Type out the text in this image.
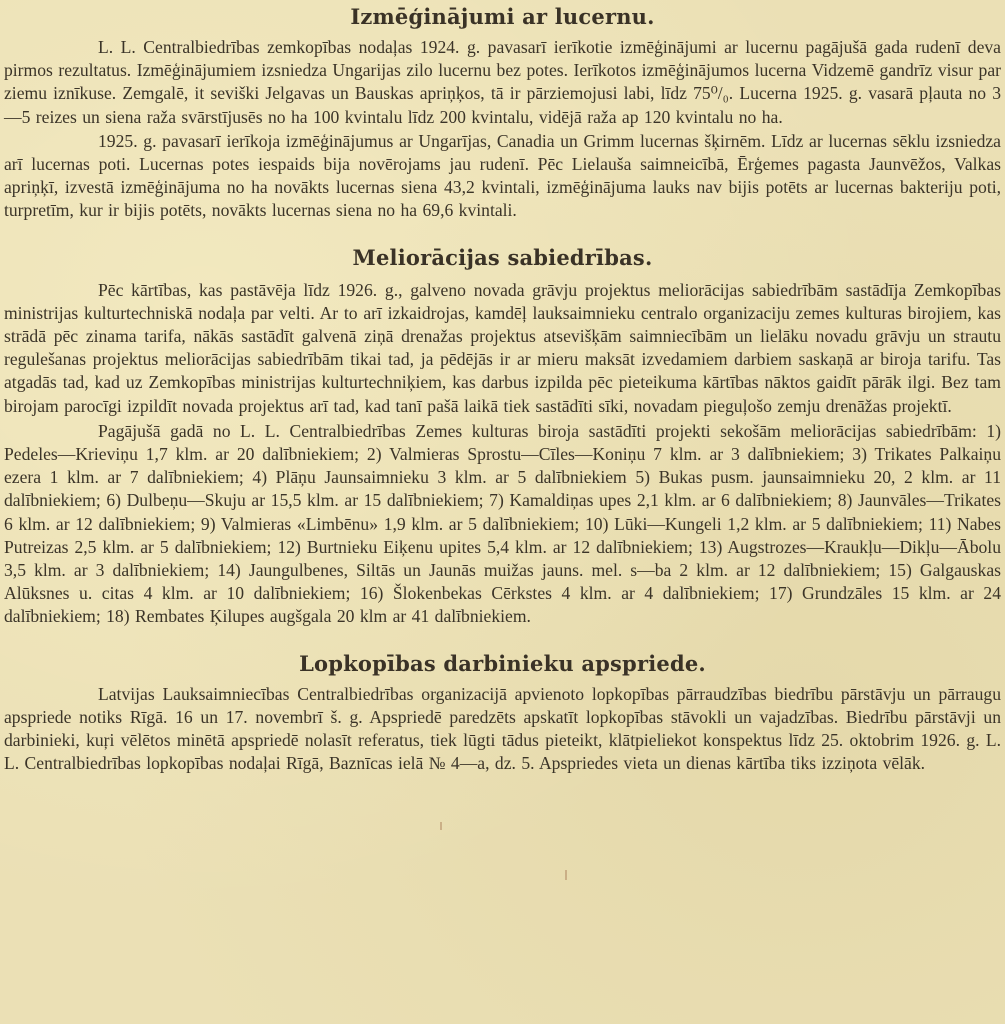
Izmēģinājumi ar lucernu.

L. L. Centralbiedrības zemkopības nodaļas 1924. g. pavasarī ierīkotie izmēģinājumi ar lucernu pagājušā gada rudenī deva pirmos rezultatus. Izmēģinājumiem izsniedza Ungarijas zilo lucernu bez potes. Ierīkotos izmēģinājumos lucerna Vidzemē gandrīz visur par ziemu iznīkuse. Zemgalē, it seviški Jelgavas un Bauskas apriņķos, tā ir pārziemojusi labi, līdz 75⁰/₀. Lucerna 1925. g. vasarā pļauta no 3—5 reizes un siena raža svārstījusēs no ha 100 kvintalu līdz 200 kvintalu, vidējā raža ap 120 kvintalu no ha.

1925. g. pavasarī ierīkoja izmēģinājumus ar Ungarījas, Canadia un Grimm lucernas šķirnēm. Līdz ar lucernas sēklu izsniedza arī lucernas poti. Lucernas potes iespaids bija novērojams jau rudenī. Pēc Lielauša saimneicībā, Ērģemes pagasta Jaunvēžos, Valkas apriņķī, izvestā izmēģinājuma no ha novākts lucernas siena 43,2 kvintali, izmēģinājuma lauks nav bijis potēts ar lucernas bakteriju poti, turpretīm, kur ir bijis potēts, novākts lucernas siena no ha 69,6 kvintali.

Meliorācijas sabiedrības.

Pēc kārtības, kas pastāvēja līdz 1926. g., galveno novada grāvju projektus meliorācijas sabiedrībām sastādīja Zemkopības ministrijas kulturtechniskā nodaļa par velti. Ar to arī izkaidrojas, kamdēļ lauksaimnieku centralo organizaciju zemes kulturas birojiem, kas strādā pēc zinama tarifa, nākās sastādīt galvenā ziņā drenažas projektus atsevišķām saimniecībām un lielāku novadu grāvju un strautu regulešanas projektus meliorācijas sabiedrībām tikai tad, ja pēdējās ir ar mieru maksāt izvedamiem darbiem saskaņā ar biroja tarifu. Tas atgadās tad, kad uz Zemkopības ministrijas kulturtechniķiem, kas darbus izpilda pēc pieteikuma kārtības nāktos gaidīt pārāk ilgi. Bez tam birojam parocīgi izpildīt novada projektus arī tad, kad tanī pašā laikā tiek sastādīti sīki, novadam pieguļošo zemju drenāžas projektī.

Pagājušā gadā no L. L. Centralbiedrības Zemes kulturas biroja sastādīti projekti sekošām meliorācijas sabiedrībām: 1) Pedeles—Krieviņu 1,7 klm. ar 20 dalībniekiem; 2) Valmieras Sprostu—Cīles—Koniņu 7 klm. ar 3 dalībniekiem; 3) Trikates Palkaiņu ezera 1 klm. ar 7 dalībniekiem; 4) Plāņu Jaunsaimnieku 3 klm. ar 5 dalībniekiem 5) Bukas pusm. jaunsaimnieku 20, 2 klm. ar 11 dalībniekiem; 6) Dulbeņu—Skuju ar 15,5 klm. ar 15 dalībniekiem; 7) Kamaldiņas upes 2,1 klm. ar 6 dalībniekiem; 8) Jaunvāles—Trikates 6 klm. ar 12 dalībniekiem; 9) Valmieras «Limbēnu» 1,9 klm. ar 5 dalībniekiem; 10) Lūki—Kungeli 1,2 klm. ar 5 dalībniekiem; 11) Nabes Putreizas 2,5 klm. ar 5 dalībniekiem; 12) Burtnieku Eiķenu upites 5,4 klm. ar 12 dalībniekiem; 13) Augstrozes—Kraukļu—Dikļu—Ābolu 3,5 klm. ar 3 dalībniekiem; 14) Jaungulbenes, Siltās un Jaunās muižas jauns. mel. s—ba 2 klm. ar 12 dalībniekiem; 15) Galgauskas Alūksnes u. citas 4 klm. ar 10 dalībniekiem; 16) Šlokenbekas Cērkstes 4 klm. ar 4 dalībniekiem; 17) Grundzāles 15 klm. ar 24 dalībniekiem; 18) Rembates Ķilupes augšgala 20 klm ar 41 dalībniekiem.

Lopkopības darbinieku apspriede.

Latvijas Lauksaimniecības Centralbiedrības organizacijā apvienoto lopkopības pārraudzības biedrību pārstāvju un pārraugu apspriede notiks Rīgā. 16 un 17. novembrī š. g. Apspriedē paredzēts apskatīt lopkopības stāvokli un vajadzības. Biedrību pārstāvji un darbinieki, kuŗi vēlētos minētā apspriedē nolasīt referatus, tiek lūgti tādus pieteikt, klātpieliekot konspektus līdz 25. oktobrim 1926. g. L. L. Centralbiedrības lopkopības nodaļai Rīgā, Baznīcas ielā № 4—a, dz. 5. Apspriedes vieta un dienas kārtība tiks izziņota vēlāk.
